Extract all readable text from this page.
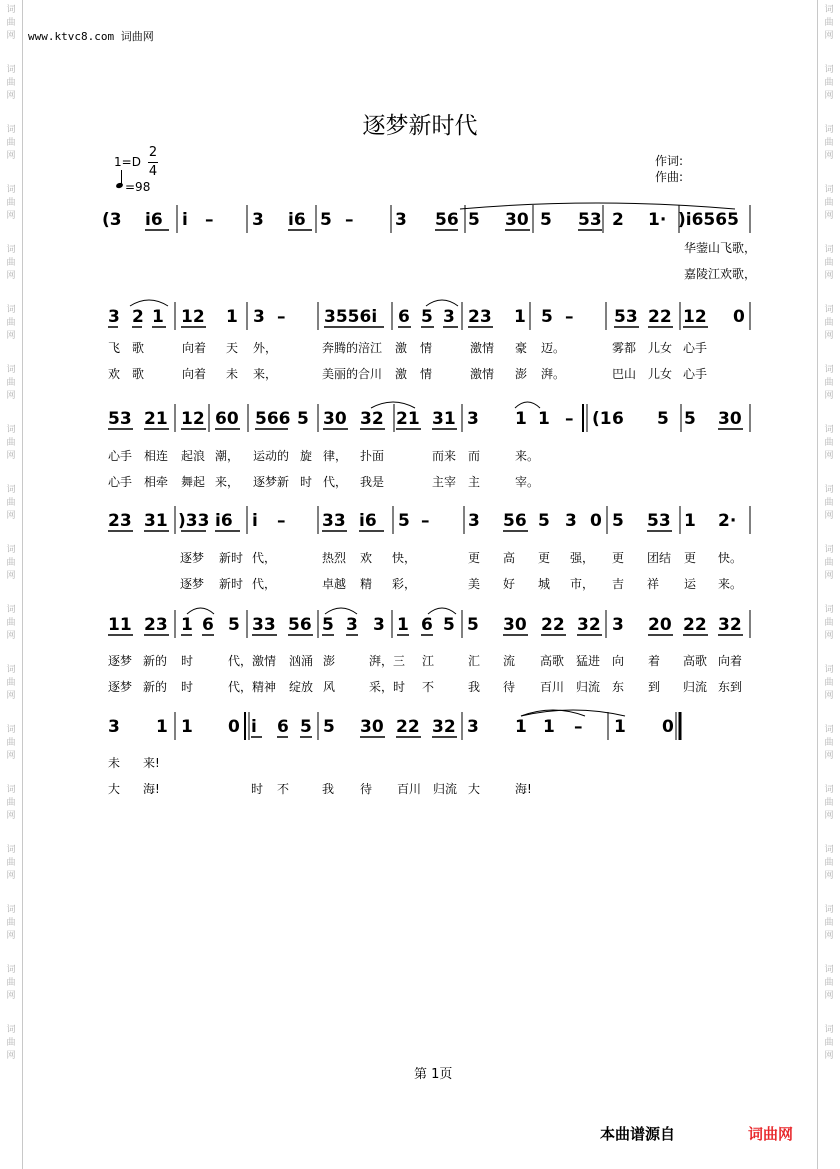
www.ktvc8.com 词曲网
逐梦新时代
1=D
2
4
=98
作词:
作曲:
(3 i6 i – 3 i6 5 – 3 56 5 30 5 53 2 1· )i6565
华蓥山飞歌，
嘉陵江欢歌，
3 2 1 12 1 3 – 3556i 6 5 3 23 1 5 – 53 22 12 0
飞 歌	向着 天 外，	奔腾的涪江 激 情	激情 豪 迈。	雾都 儿女 心手
欢 歌	向着 未 来，	美丽的合川 激 情	激情 澎 湃。	巴山 儿女 心手
53 21 12 60 566 5 30 32 21 31 3 1 1 – (1 6 5 5 30
心手 相连 起浪 潮， 运动的 旋 律， 扑面	而来 而	来。
心手 相牵 舞起 来， 逐梦新 时 代， 我是	主宰 主	宰。
23 31 )33 i6 i – 33 i6 5 – 3 56 5 3 0 5 53 1 2·
逐梦 新时 代，	热烈 欢 快，	更 高 更 强， 更 团结 更 快。
逐梦 新时 代，	卓越 精 彩，	美 好 城 市， 吉 祥 运 来。
11 23 1 6 5 33 56 5 3 3 1 6 5 5 30 22 32 3 20 22 32
逐梦 新的 时	代，激情 汹涌 澎	湃，三 江	汇 流 高歌 猛进 向 着 高歌 向着
逐梦 新的 时	代，精神 绽放 风	采，时 不	我 待 百川 归流 东 到 归流 东到
3 1 1 0 i 6 5 5 30 22 32 3 1 1 – 1 0
未 来!
大 海!	时 不	我 待 百川 归流 大	海!
第 1页
本曲谱源自	词曲网
词
曲
网
词
曲
网
词
曲
网
词
曲
网
词
曲
网
词
曲
网
词
曲
网
词
曲
网
词
曲
网
词
曲
网
词
曲
网
词
曲
网
词
曲
网
词
曲
网
词
曲
网
词
曲
网
词
曲
网
词
曲
网
词
曲
网
词
曲
网
词
曲
网
词
曲
网
词
曲
网
词
曲
网
词
曲
网
词
曲
网
词
曲
网
词
曲
网
词
曲
网
词
曲
网
词
曲
网
词
曲
网
词
曲
网
词
曲
网
词
曲
网
词
曲
网
